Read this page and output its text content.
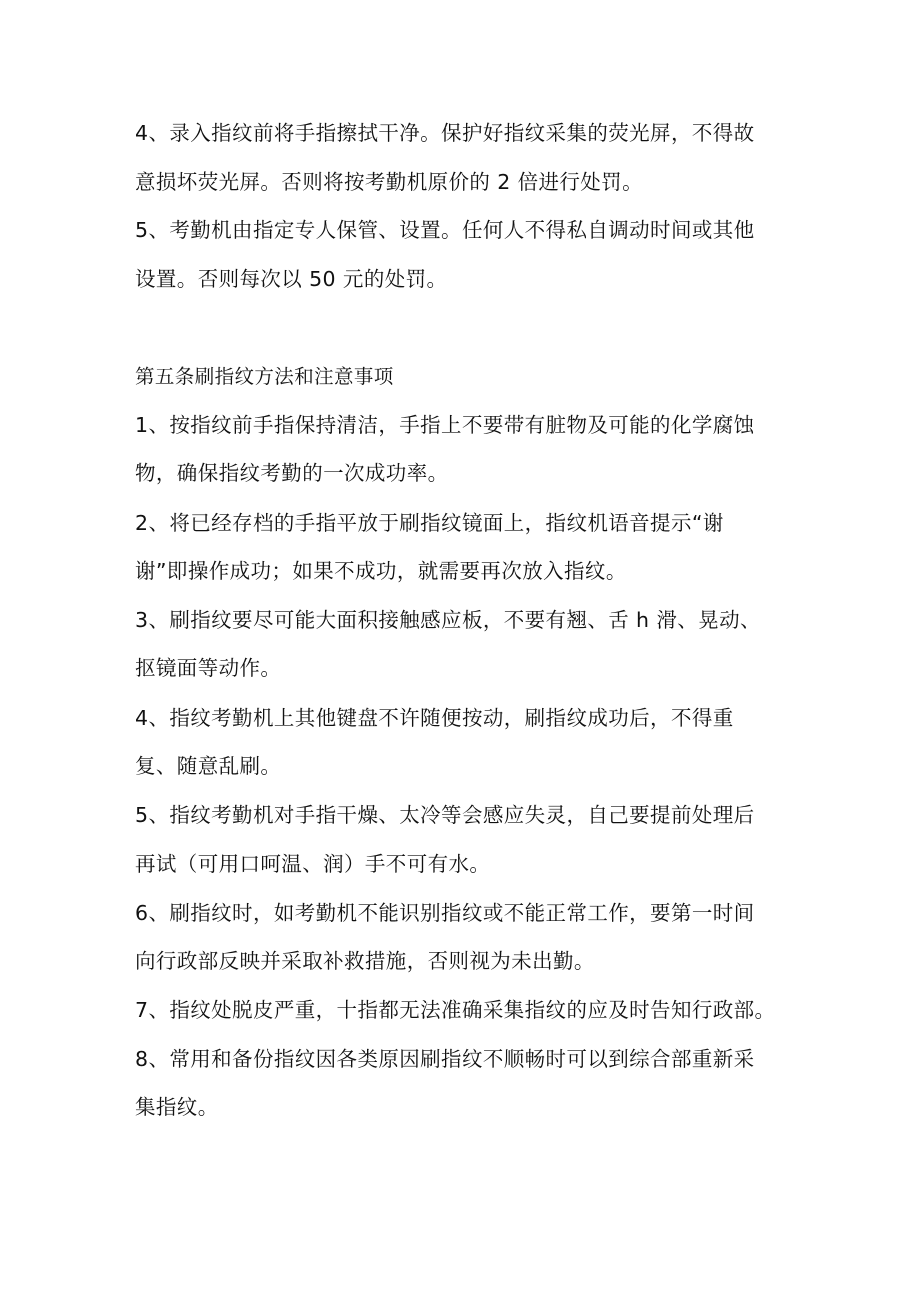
4、录入指纹前将手指擦拭干净。保护好指纹采集的荧光屏，不得故
意损坏荧光屏。否则将按考勤机原价的 2 倍进行处罚。
5、考勤机由指定专人保管、设置。任何人不得私自调动时间或其他
设置。否则每次以 50 元的处罚。
第五条刷指纹方法和注意事项
1、按指纹前手指保持清洁，手指上不要带有脏物及可能的化学腐蚀
物，确保指纹考勤的一次成功率。
2、将已经存档的手指平放于刷指纹镜面上，指纹机语音提示“谢
谢”即操作成功；如果不成功，就需要再次放入指纹。
3、刷指纹要尽可能大面积接触感应板，不要有翘、舌 h 滑、晃动、
抠镜面等动作。
4、指纹考勤机上其他键盘不许随便按动，刷指纹成功后，不得重
复、随意乱刷。
5、指纹考勤机对手指干燥、太冷等会感应失灵，自己要提前处理后
再试（可用口呵温、润）手不可有水。
6、刷指纹时，如考勤机不能识别指纹或不能正常工作，要第一时间
向行政部反映并采取补救措施，否则视为未出勤。
7、指纹处脱皮严重，十指都无法准确采集指纹的应及时告知行政部。
8、常用和备份指纹因各类原因刷指纹不顺畅时可以到综合部重新采
集指纹。
